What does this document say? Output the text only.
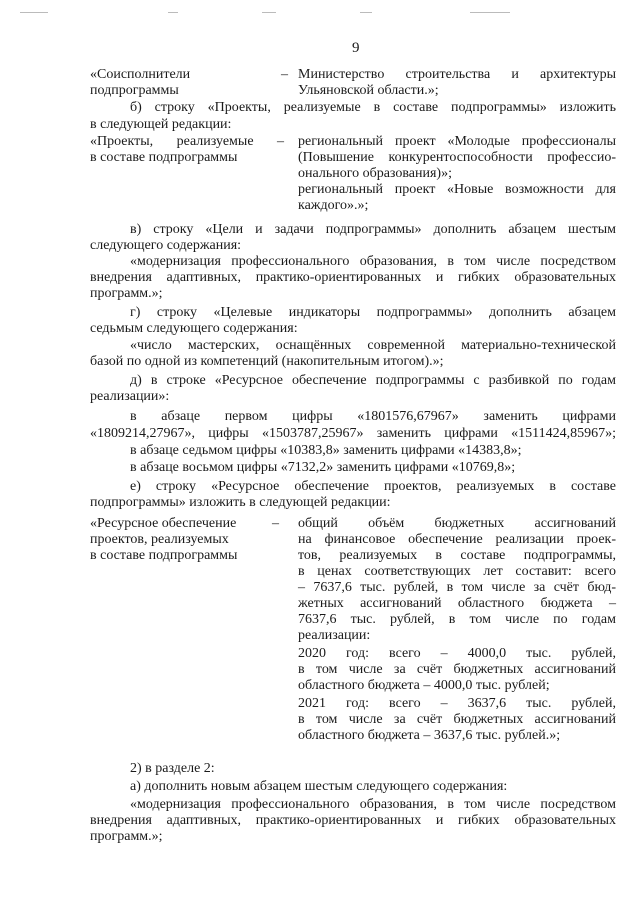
9
«Соисполнители
подпрограммы
– Министерство строительства и архитектуры
Ульяновской области.»;
б) строку «Проекты, реализуемые в составе подпрограммы» изложить
в следующей редакции:
«Проекты, реализуемые –
в составе подпрограммы
региональный проект «Молодые профессионалы
(Повышение конкурентоспособности профессио-
онального образования)»;
региональный проект «Новые возможности для
каждого».»;
в) строку «Цели и задачи подпрограммы» дополнить абзацем шестым
следующего содержания:
«модернизация профессионального образования, в том числе посредством
внедрения адаптивных, практико-ориентированных и гибких образовательных
программ.»;
г) строку «Целевые индикаторы подпрограммы» дополнить абзацем
седьмым следующего содержания:
«число мастерских, оснащённых современной материально-технической
базой по одной из компетенций (накопительным итогом).»;
д) в строке «Ресурсное обеспечение подпрограммы с разбивкой по годам
реализации»:
в абзаце первом цифры «1801576,67967» заменить цифрами
«1809214,27967», цифры «1503787,25967» заменить цифрами «1511424,85967»;
в абзаце седьмом цифры «10383,8» заменить цифрами «14383,8»;
в абзаце восьмом цифры «7132,2» заменить цифрами «10769,8»;
е) строку «Ресурсное обеспечение проектов, реализуемых в составе
подпрограммы» изложить в следующей редакции:
«Ресурсное обеспечение
проектов, реализуемых
в составе подпрограммы
– общий объём бюджетных ассигнований
на финансовое обеспечение реализации проек-
тов, реализуемых в составе подпрограммы,
в ценах соответствующих лет составит: всего
– 7637,6 тыс. рублей, в том числе за счёт бюд-
жетных ассигнований областного бюджета –
7637,6 тыс. рублей, в том числе по годам
реализации:
2020 год: всего – 4000,0 тыс. рублей,
в том числе за счёт бюджетных ассигнований
областного бюджета – 4000,0 тыс. рублей;
2021 год: всего – 3637,6 тыс. рублей,
в том числе за счёт бюджетных ассигнований
областного бюджета – 3637,6 тыс. рублей.»;
2) в разделе 2:
а) дополнить новым абзацем шестым следующего содержания:
«модернизация профессионального образования, в том числе посредством
внедрения адаптивных, практико-ориентированных и гибких образовательных
программ.»;
